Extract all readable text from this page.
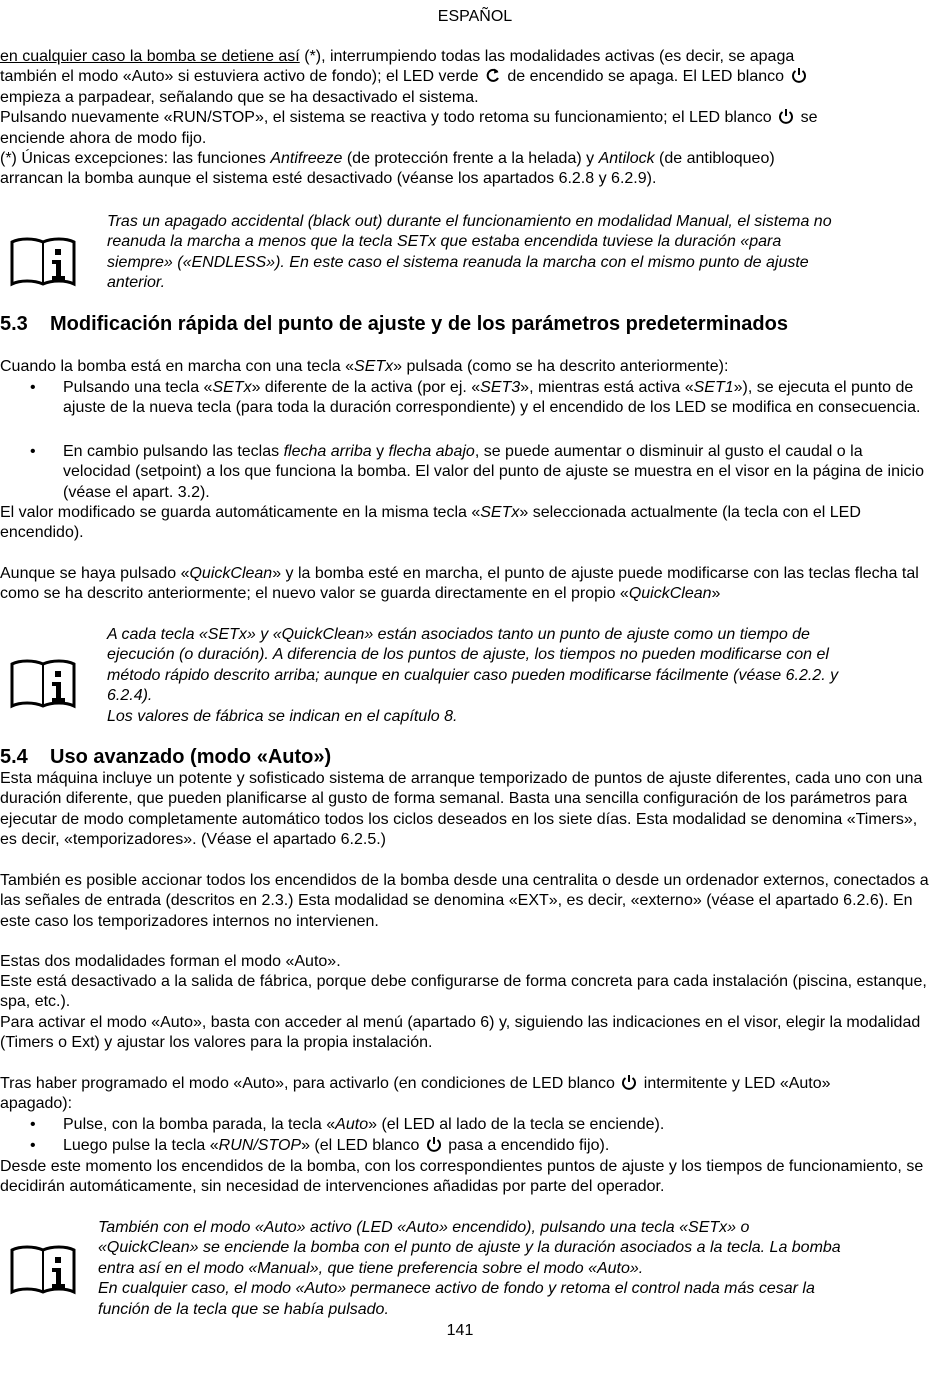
ESPAÑOL
en cualquier caso la bomba se detiene así (*), interrumpiendo todas las modalidades activas (es decir, se apaga
también el modo «Auto» si estuviera activo de fondo); el LED verde de encendido se apaga. El LED blanco
empieza a parpadear, señalando que se ha desactivado el sistema.
Pulsando nuevamente «RUN/STOP», el sistema se reactiva y todo retoma su funcionamiento; el LED blanco se
enciende ahora de modo fijo.
(*) Únicas excepciones: las funciones Antifreeze (de protección frente a la helada) y Antilock (de antibloqueo)
arrancan la bomba aunque el sistema esté desactivado (véanse los apartados 6.2.8 y 6.2.9).
Tras un apagado accidental (black out) durante el funcionamiento en modalidad Manual, el sistema no
reanuda la marcha a menos que la tecla SETx que estaba encendida tuviese la duración «para
siempre» («ENDLESS»). En este caso el sistema reanuda la marcha con el mismo punto de ajuste
anterior.
5.3 Modificación rápida del punto de ajuste y de los parámetros predeterminados
Cuando la bomba está en marcha con una tecla «SETx» pulsada (como se ha descrito anteriormente):
•	Pulsando una tecla «SETx» diferente de la activa (por ej. «SET3», mientras está activa «SET1»), se ejecuta el punto de ajuste de la nueva tecla (para toda la duración correspondiente) y el encendido de los LED se modifica en consecuencia.
•	En cambio pulsando las teclas flecha arriba y flecha abajo, se puede aumentar o disminuir al gusto el caudal o la velocidad (setpoint) a los que funciona la bomba. El valor del punto de ajuste se muestra en el visor en la página de inicio (véase el apart. 3.2).
El valor modificado se guarda automáticamente en la misma tecla «SETx» seleccionada actualmente (la tecla con el LED encendido).
Aunque se haya pulsado «QuickClean» y la bomba esté en marcha, el punto de ajuste puede modificarse con las teclas flecha tal como se ha descrito anteriormente; el nuevo valor se guarda directamente en el propio «QuickClean»
A cada tecla «SETx» y «QuickClean» están asociados tanto un punto de ajuste como un tiempo de
ejecución (o duración). A diferencia de los puntos de ajuste, los tiempos no pueden modificarse con el
método rápido descrito arriba; aunque en cualquier caso pueden modificarse fácilmente (véase 6.2.2. y
6.2.4).
Los valores de fábrica se indican en el capítulo 8.
5.4 Uso avanzado (modo «Auto»)
Esta máquina incluye un potente y sofisticado sistema de arranque temporizado de puntos de ajuste diferentes, cada uno con una duración diferente, que pueden planificarse al gusto de forma semanal. Basta una sencilla configuración de los parámetros para ejecutar de modo completamente automático todos los ciclos deseados en los siete días. Esta modalidad se denomina «Timers», es decir, «temporizadores». (Véase el apartado 6.2.5.)
También es posible accionar todos los encendidos de la bomba desde una centralita o desde un ordenador externos, conectados a las señales de entrada (descritos en 2.3.) Esta modalidad se denomina «EXT», es decir, «externo» (véase el apartado 6.2.6). En este caso los temporizadores internos no intervienen.
Estas dos modalidades forman el modo «Auto».
Este está desactivado a la salida de fábrica, porque debe configurarse de forma concreta para cada instalación (piscina, estanque, spa, etc.).
Para activar el modo «Auto», basta con acceder al menú (apartado 6) y, siguiendo las indicaciones en el visor, elegir la modalidad (Timers o Ext) y ajustar los valores para la propia instalación.
Tras haber programado el modo «Auto», para activarlo (en condiciones de LED blanco intermitente y LED «Auto»
apagado):
•	Pulse, con la bomba parada, la tecla «Auto» (el LED al lado de la tecla se enciende).
•	Luego pulse la tecla «RUN/STOP» (el LED blanco pasa a encendido fijo).
Desde este momento los encendidos de la bomba, con los correspondientes puntos de ajuste y los tiempos de funcionamiento, se decidirán automáticamente, sin necesidad de intervenciones añadidas por parte del operador.
También con el modo «Auto» activo (LED «Auto» encendido), pulsando una tecla «SETx» o
«QuickClean» se enciende la bomba con el punto de ajuste y la duración asociados a la tecla. La bomba
entra así en el modo «Manual», que tiene preferencia sobre el modo «Auto».
En cualquier caso, el modo «Auto» permanece activo de fondo y retoma el control nada más cesar la
función de la tecla que se había pulsado.
141
